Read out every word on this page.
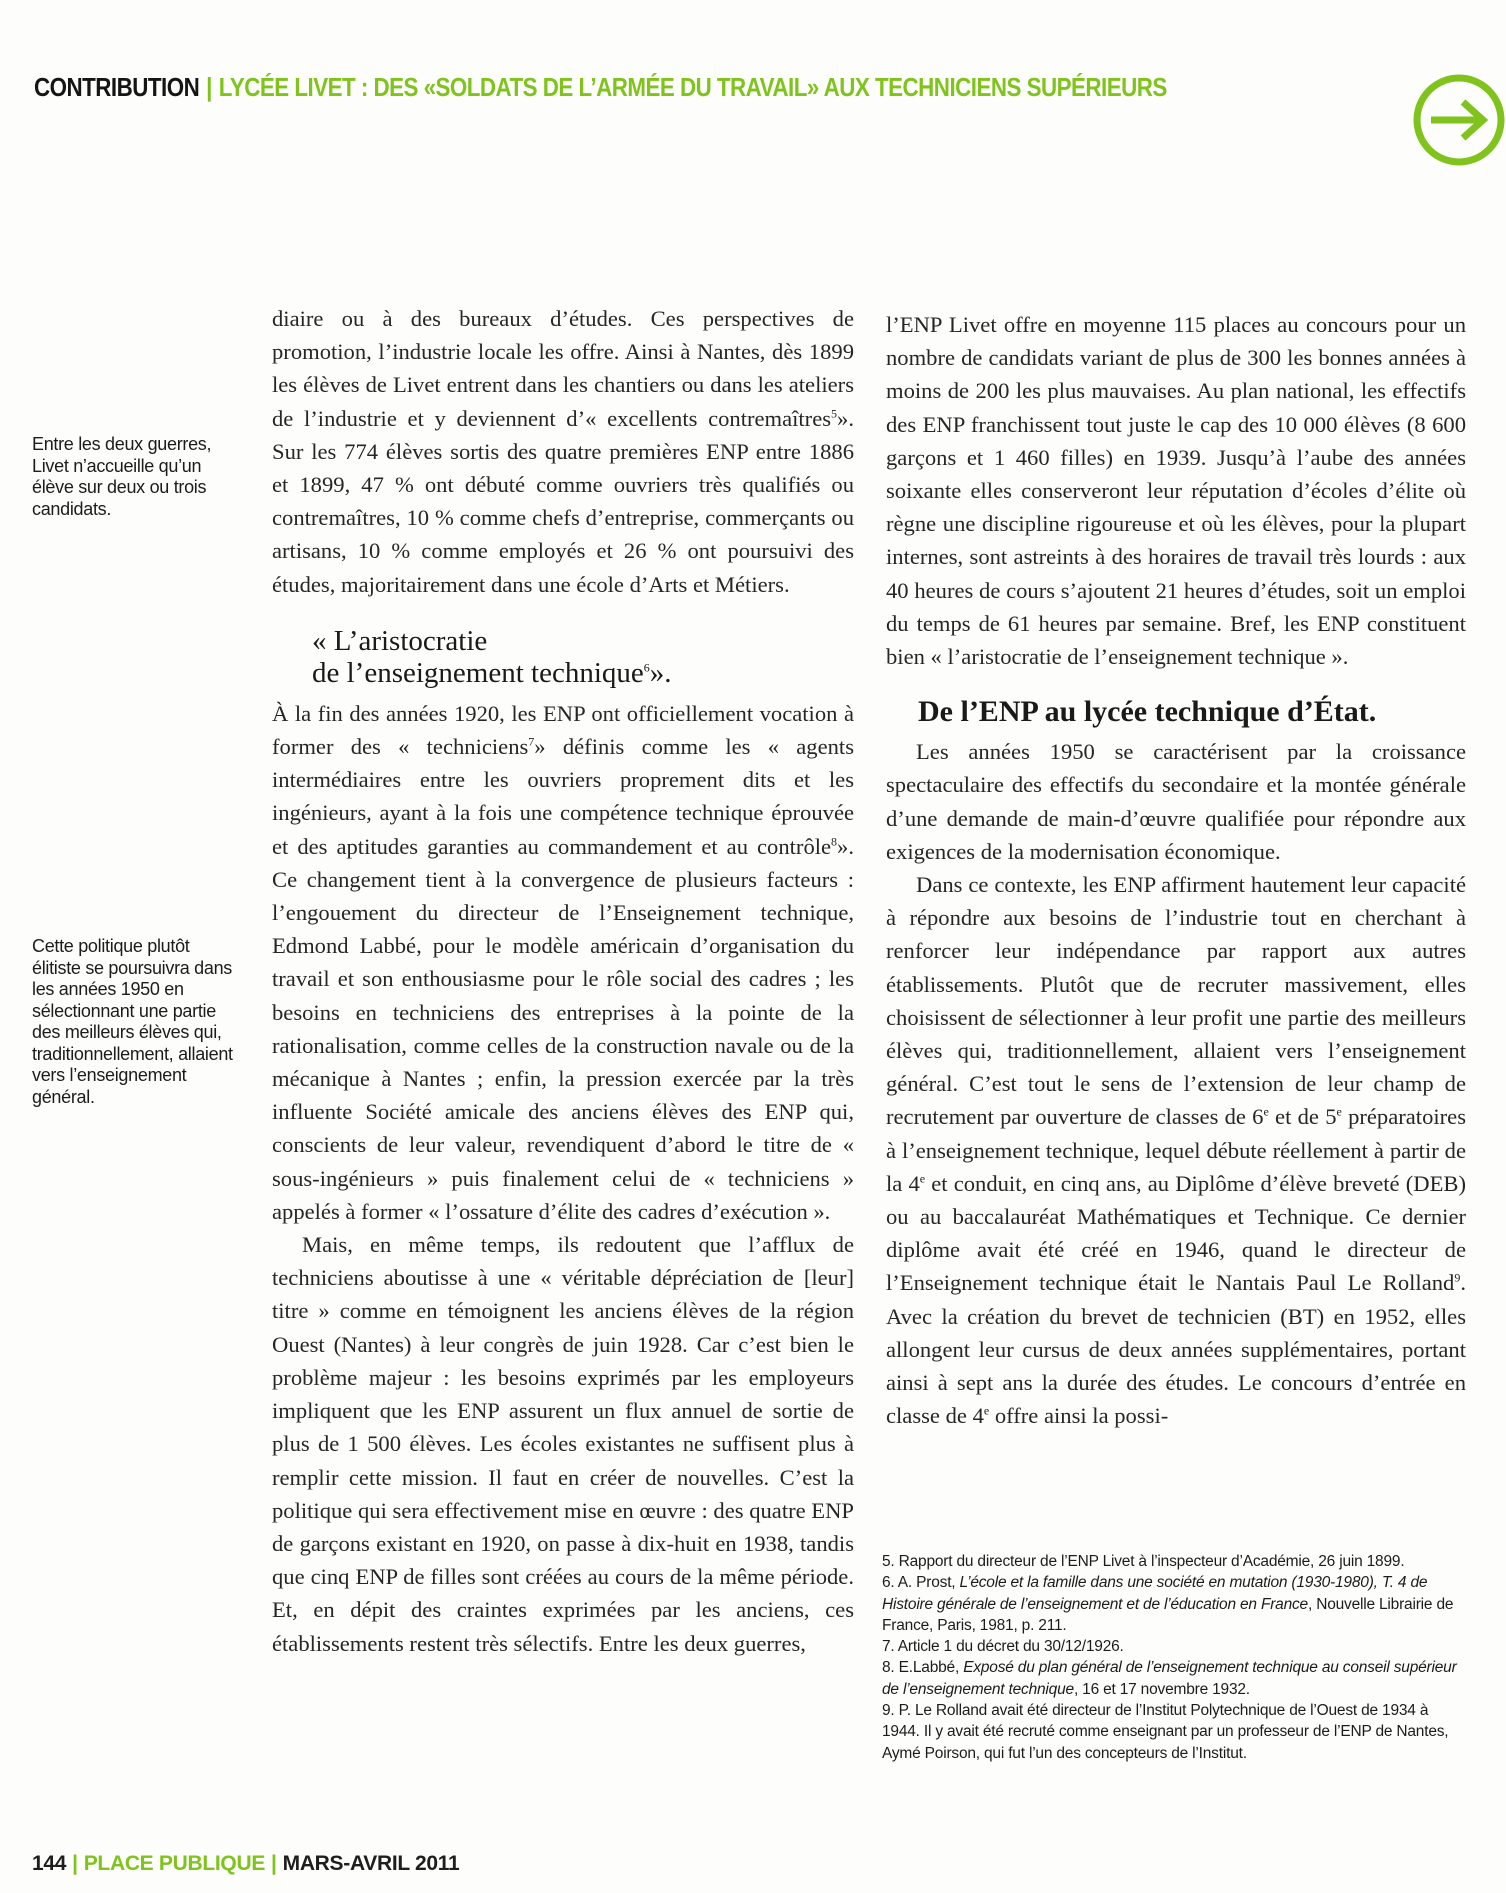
CONTRIBUTION | LYCÉE LIVET : DES «SOLDATS DE L’ARMÉE DU TRAVAIL» AUX TECHNICIENS SUPÉRIEURS
Entre les deux guerres, Livet n’accueille qu’un élève sur deux ou trois candidats.
Cette politique plutôt élitiste se poursuivra dans les années 1950 en sélectionnant une partie des meilleurs élèves qui, traditionnellement, allaient vers l’enseignement général.

diaire ou à des bureaux d’études. Ces perspectives de promotion, l’industrie locale les offre. Ainsi à Nantes, dès 1899 les élèves de Livet entrent dans les chantiers ou dans les ateliers de l’industrie et y deviennent d’« excellents contremaîtres$^5$». Sur les 774 élèves sortis des quatre premières ENP entre 1886 et 1899, 47 % ont débuté comme ouvriers très qualifiés ou contremaîtres, 10 % comme chefs d’entreprise, commerçants ou artisans, 10 % comme employés et 26 % ont poursuivi des études, majoritairement dans une école d’Arts et Métiers.

« L’aristocratie
de l’enseignement technique$^6$».

À la fin des années 1920, les ENP ont officiellement vocation à former des « techniciens$^7$» définis comme les « agents intermédiaires entre les ouvriers proprement dits et les ingénieurs, ayant à la fois une compétence technique éprouvée et des aptitudes garanties au commandement et au contrôle$^8$». Ce changement tient à la convergence de plusieurs facteurs : l’engouement du directeur de l’Enseignement technique, Edmond Labbé, pour le modèle américain d’organisation du travail et son enthousiasme pour le rôle social des cadres ; les besoins en techniciens des entreprises à la pointe de la rationalisation, comme celles de la construction navale ou de la mécanique à Nantes ; enfin, la pression exercée par la très influente Société amicale des anciens élèves des ENP qui, conscients de leur valeur, revendiquent d’abord le titre de « sous-ingénieurs » puis finalement celui de « techniciens » appelés à former « l’ossature d’élite des cadres d’exécution ».

Mais, en même temps, ils redoutent que l’afflux de techniciens aboutisse à une « véritable dépréciation de [leur] titre » comme en témoignent les anciens élèves de la région Ouest (Nantes) à leur congrès de juin 1928. Car c’est bien le problème majeur : les besoins exprimés par les employeurs impliquent que les ENP assurent un flux annuel de sortie de plus de 1 500 élèves. Les écoles existantes ne suffisent plus à remplir cette mission. Il faut en créer de nouvelles. C’est la politique qui sera effectivement mise en œuvre : des quatre ENP de garçons existant en 1920, on passe à dix-huit en 1938, tandis que cinq ENP de filles sont créées au cours de la même période. Et, en dépit des craintes exprimées par les anciens, ces établissements restent très sélectifs. Entre les deux guerres,

l’ENP Livet offre en moyenne 115 places au concours pour un nombre de candidats variant de plus de 300 les bonnes années à moins de 200 les plus mauvaises. Au plan national, les effectifs des ENP franchissent tout juste le cap des 10 000 élèves (8 600 garçons et 1 460 filles) en 1939. Jusqu’à l’aube des années soixante elles conserveront leur réputation d’écoles d’élite où règne une discipline rigoureuse et où les élèves, pour la plupart internes, sont astreints à des horaires de travail très lourds : aux 40 heures de cours s’ajoutent 21 heures d’études, soit un emploi du temps de 61 heures par semaine. Bref, les ENP constituent bien « l’aristocratie de l’enseignement technique ».

De l’ENP au lycée technique d’État.

Les années 1950 se caractérisent par la croissance spectaculaire des effectifs du secondaire et la montée générale d’une demande de main-d’œuvre qualifiée pour répondre aux exigences de la modernisation économique.

Dans ce contexte, les ENP affirment hautement leur capacité à répondre aux besoins de l’industrie tout en cherchant à renforcer leur indépendance par rapport aux autres établissements. Plutôt que de recruter massivement, elles choisissent de sélectionner à leur profit une partie des meilleurs élèves qui, traditionnellement, allaient vers l’enseignement général. C’est tout le sens de l’extension de leur champ de recrutement par ouverture de classes de 6e et de 5e préparatoires à l’enseignement technique, lequel débute réellement à partir de la 4e et conduit, en cinq ans, au Diplôme d’élève breveté (DEB) ou au baccalauréat Mathématiques et Technique. Ce dernier diplôme avait été créé en 1946, quand le directeur de l’Enseignement technique était le Nantais Paul Le Rolland$^9$. Avec la création du brevet de technicien (BT) en 1952, elles allongent leur cursus de deux années supplémentaires, portant ainsi à sept ans la durée des études. Le concours d’entrée en classe de 4e offre ainsi la possi-

5. Rapport du directeur de l’ENP Livet à l’inspecteur d’Académie, 26 juin 1899.

6. A. Prost, L’école et la famille dans une société en mutation (1930-1980), T. 4 de Histoire générale de l’enseignement et de l’éducation en France, Nouvelle Librairie de France, Paris, 1981, p. 211.

7. Article 1 du décret du 30/12/1926.

8. E.Labbé, Exposé du plan général de l’enseignement technique au conseil supérieur de l’enseignement technique, 16 et 17 novembre 1932.

9. P. Le Rolland avait été directeur de l’Institut Polytechnique de l’Ouest de 1934 à 1944. Il y avait été recruté comme enseignant par un professeur de l’ENP de Nantes, Aymé Poirson, qui fut l’un des concepteurs de l’Institut.

144 | PLACE PUBLIQUE | MARS-AVRIL 2011
